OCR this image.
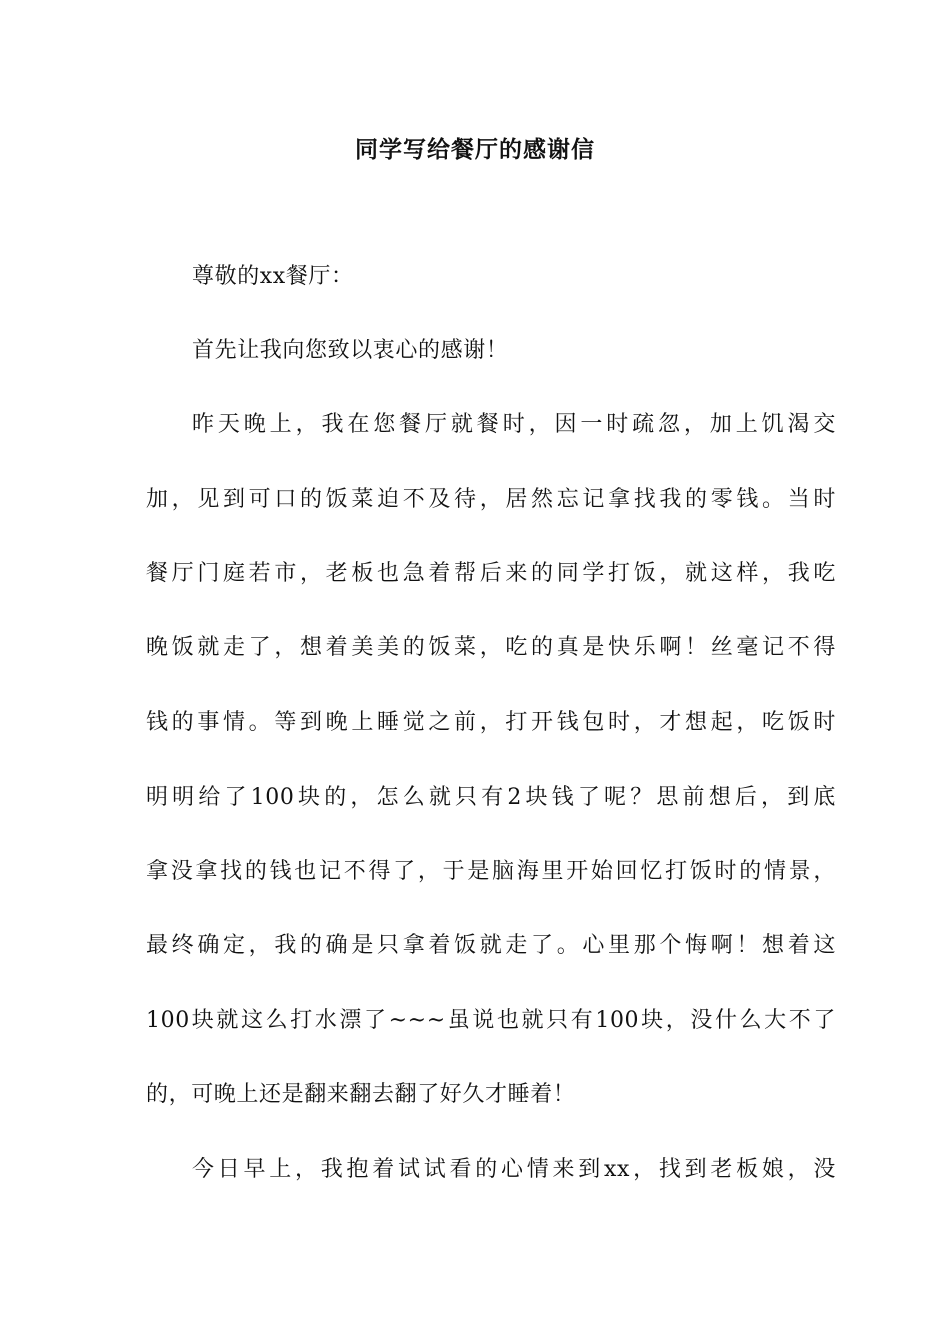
同学写给餐厅的感谢信
尊敬的xx餐厅：
首先让我向您致以衷心的感谢！
昨天晚上，我在您餐厅就餐时，因一时疏忽，加上饥渴交
加，见到可口的饭菜迫不及待，居然忘记拿找我的零钱。当时
餐厅门庭若市，老板也急着帮后来的同学打饭，就这样，我吃
晚饭就走了，想着美美的饭菜，吃的真是快乐啊！丝毫记不得
钱的事情。等到晚上睡觉之前，打开钱包时，才想起，吃饭时
明明给了100块的，怎么就只有2块钱了呢？思前想后，到底
拿没拿找的钱也记不得了，于是脑海里开始回忆打饭时的情景，
最终确定，我的确是只拿着饭就走了。心里那个悔啊！想着这
100块就这么打水漂了~~~虽说也就只有100块，没什么大不了
的，可晚上还是翻来翻去翻了好久才睡着！
今日早上，我抱着试试看的心情来到xx，找到老板娘，没
